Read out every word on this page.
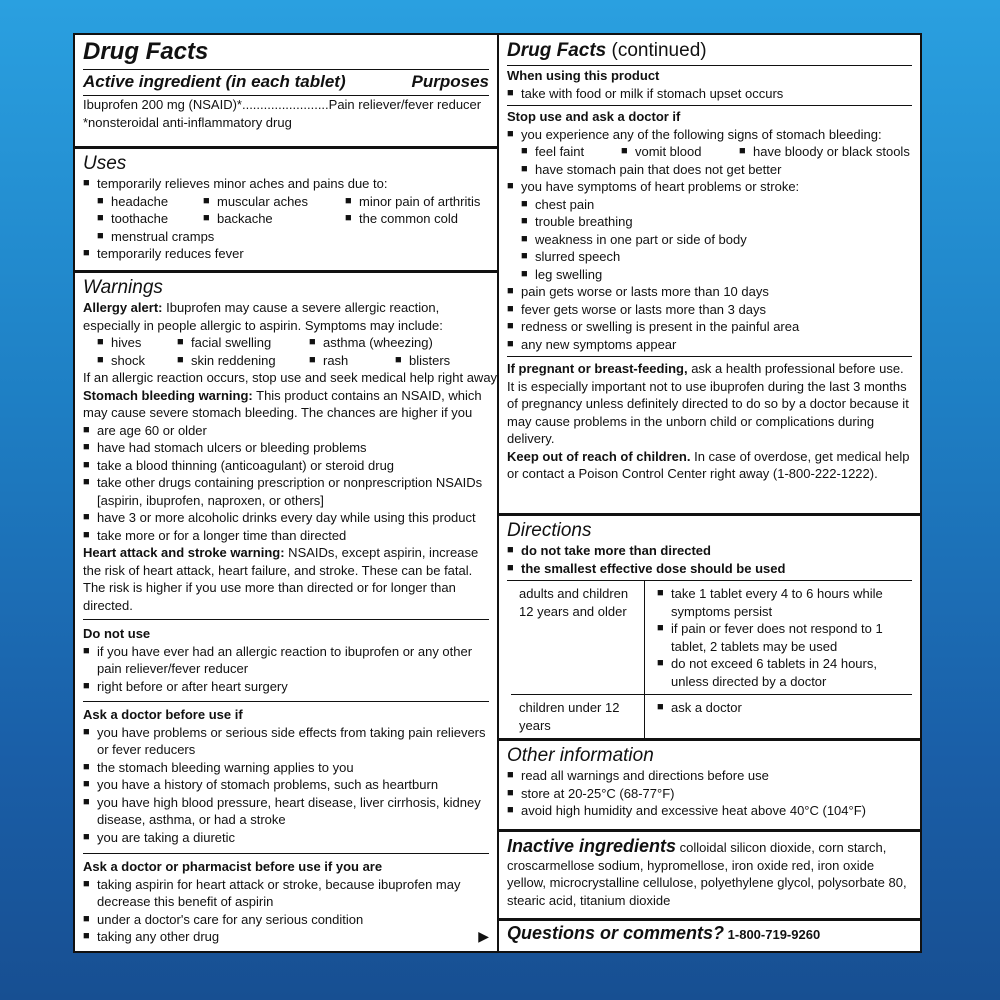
Drug Facts
Active ingredient (in each tablet)	Purposes
Ibuprofen 200 mg (NSAID)*........................Pain reliever/fever reducer
*nonsteroidal anti-inflammatory drug
Uses
■ temporarily relieves minor aches and pains due to:
■ headache	■ muscular aches	■ minor pain of arthritis
■ toothache	■ backache	■ the common cold
■ menstrual cramps
■ temporarily reduces fever
Warnings
Allergy alert: Ibuprofen may cause a severe allergic reaction, especially in people allergic to aspirin. Symptoms may include:
■ hives	■ facial swelling	■ asthma (wheezing)
■ shock	■ skin reddening	■ rash	■ blisters
If an allergic reaction occurs, stop use and seek medical help right away.
Stomach bleeding warning: This product contains an NSAID, which may cause severe stomach bleeding. The chances are higher if you
■ are age 60 or older
■ have had stomach ulcers or bleeding problems
■ take a blood thinning (anticoagulant) or steroid drug
■ take other drugs containing prescription or nonprescription NSAIDs [aspirin, ibuprofen, naproxen, or others]
■ have 3 or more alcoholic drinks every day while using this product
■ take more or for a longer time than directed
Heart attack and stroke warning: NSAIDs, except aspirin, increase the risk of heart attack, heart failure, and stroke. These can be fatal. The risk is higher if you use more than directed or for longer than directed.
Do not use
■ if you have ever had an allergic reaction to ibuprofen or any other pain reliever/fever reducer
■ right before or after heart surgery
Ask a doctor before use if
■ you have problems or serious side effects from taking pain relievers or fever reducers
■ the stomach bleeding warning applies to you
■ you have a history of stomach problems, such as heartburn
■ you have high blood pressure, heart disease, liver cirrhosis, kidney disease, asthma, or had a stroke
■ you are taking a diuretic
Ask a doctor or pharmacist before use if you are
■ taking aspirin for heart attack or stroke, because ibuprofen may decrease this benefit of aspirin
■ under a doctor's care for any serious condition
■ taking any other drug	▶
Drug Facts (continued)
When using this product
■ take with food or milk if stomach upset occurs
Stop use and ask a doctor if
■ you experience any of the following signs of stomach bleeding:
■ feel faint	■ vomit blood	■ have bloody or black stools
■ have stomach pain that does not get better
■ you have symptoms of heart problems or stroke:
■ chest pain
■ trouble breathing
■ weakness in one part or side of body
■ slurred speech
■ leg swelling
■ pain gets worse or lasts more than 10 days
■ fever gets worse or lasts more than 3 days
■ redness or swelling is present in the painful area
■ any new symptoms appear
If pregnant or breast-feeding, ask a health professional before use. It is especially important not to use ibuprofen during the last 3 months of pregnancy unless definitely directed to do so by a doctor because it may cause problems in the unborn child or complications during delivery.
Keep out of reach of children. In case of overdose, get medical help or contact a Poison Control Center right away (1-800-222-1222).
Directions
■ do not take more than directed
■ the smallest effective dose should be used
adults and children 12 years and older
■ take 1 tablet every 4 to 6 hours while symptoms persist
■ if pain or fever does not respond to 1 tablet, 2 tablets may be used
■ do not exceed 6 tablets in 24 hours, unless directed by a doctor
children under 12 years
■ ask a doctor
Other information
■ read all warnings and directions before use
■ store at 20-25°C (68-77°F)
■ avoid high humidity and excessive heat above 40°C (104°F)
Inactive ingredients colloidal silicon dioxide, corn starch, croscarmellose sodium, hypromellose, iron oxide red, iron oxide yellow, microcrystalline cellulose, polyethylene glycol, polysorbate 80, stearic acid, titanium dioxide
Questions or comments? 1-800-719-9260
